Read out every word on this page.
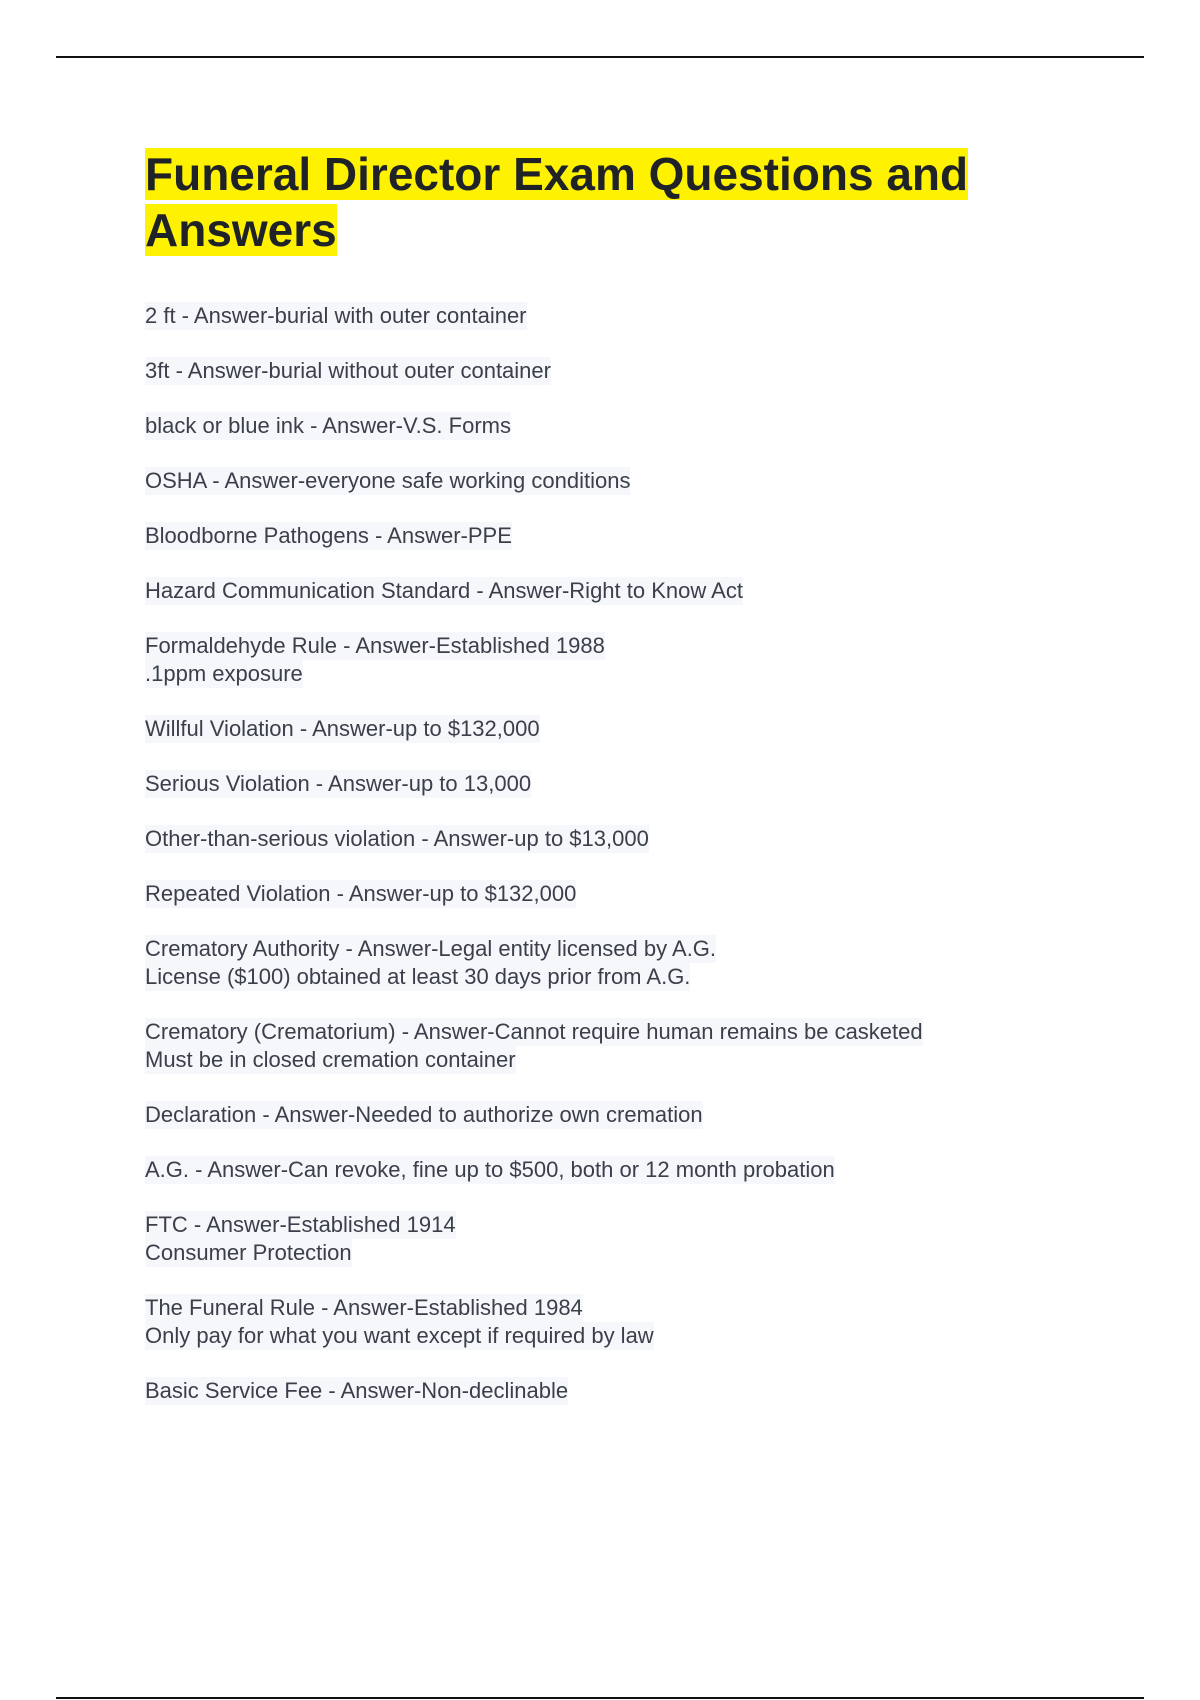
Funeral Director Exam Questions and
Answers
2 ft - Answer-burial with outer container
3ft - Answer-burial without outer container
black or blue ink - Answer-V.S. Forms
OSHA - Answer-everyone safe working conditions
Bloodborne Pathogens - Answer-PPE
Hazard Communication Standard - Answer-Right to Know Act
Formaldehyde Rule - Answer-Established 1988
.1ppm exposure
Willful Violation - Answer-up to $132,000
Serious Violation - Answer-up to 13,000
Other-than-serious violation - Answer-up to $13,000
Repeated Violation - Answer-up to $132,000
Crematory Authority - Answer-Legal entity licensed by A.G.
License ($100) obtained at least 30 days prior from A.G.
Crematory (Crematorium) - Answer-Cannot require human remains be casketed
Must be in closed cremation container
Declaration - Answer-Needed to authorize own cremation
A.G. - Answer-Can revoke, fine up to $500, both or 12 month probation
FTC - Answer-Established 1914
Consumer Protection
The Funeral Rule - Answer-Established 1984
Only pay for what you want except if required by law
Basic Service Fee - Answer-Non-declinable
